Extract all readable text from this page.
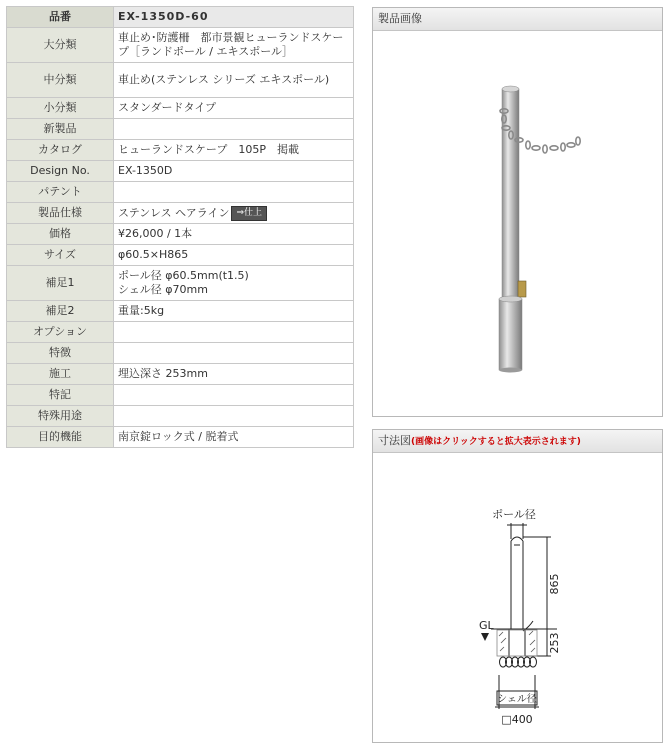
品番	EX-1350D-60
大分類	車止め･防護柵　都市景観ヒューランドスケープ［ランドポール / エキスポール］
中分類	車止め(ステンレス シリーズ エキスポール)
小分類	スタンダードタイプ
新製品	
カタログ	ヒューランドスケープ　105P　掲載
Design No.	EX-1350D
パテント	
製品仕様	ステンレス ヘアライン ⇒仕上
価格	¥26,000 / 1本
サイズ	φ60.5×H865
補足1	ポール径 φ60.5mm(t1.5)
シェル径 φ70mm

補足2	重量:5kg
オプション	
特徴	
施工	埋込深さ 253mm
特記	
特殊用途	
目的機能	南京錠ロック式 / 脱着式
製品画像
寸法図(画像はクリックすると拡大表示されます)
ポール径
GL
865
253
シェル径
□400
